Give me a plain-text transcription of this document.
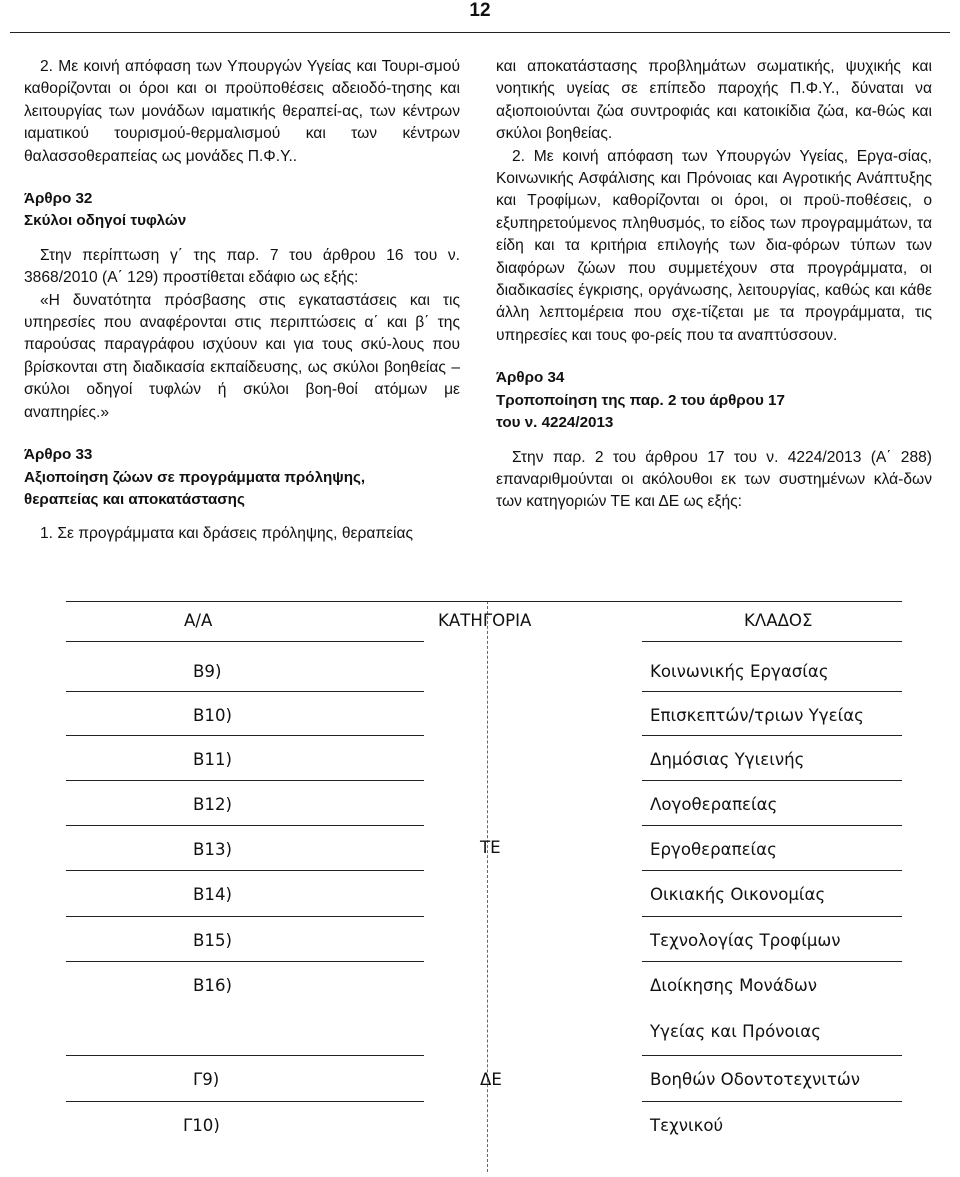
12

2. Με κοινή απόφαση των Υπουργών Υγείας και Τουρι-σμού καθορίζονται οι όροι και οι προϋποθέσεις αδειοδό-τησης και λειτουργίας των μονάδων ιαματικής θεραπεί-ας, των κέντρων ιαματικού τουρισμού-θερμαλισμού και των κέντρων θαλασσοθεραπείας ως μονάδες Π.Φ.Υ..

Άρθρο 32

Σκύλοι οδηγοί τυφλών

Στην περίπτωση γ΄ της παρ. 7 του άρθρου 16 του ν. 3868/2010 (Α΄ 129) προστίθεται εδάφιο ως εξής:

«Η δυνατότητα πρόσβασης στις εγκαταστάσεις και τις υπηρεσίες που αναφέρονται στις περιπτώσεις α΄ και β΄ της παρούσας παραγράφου ισχύουν και για τους σκύ-λους που βρίσκονται στη διαδικασία εκπαίδευσης, ως σκύλοι βοηθείας – σκύλοι οδηγοί τυφλών ή σκύλοι βοη-θοί ατόμων με αναπηρίες.»

Άρθρο 33

Αξιοποίηση ζώων σε προγράμματα πρόληψης,

θεραπείας και αποκατάστασης

1. Σε προγράμματα και δράσεις πρόληψης, θεραπείας

και αποκατάστασης προβλημάτων σωματικής, ψυχικής και νοητικής υγείας σε επίπεδο παροχής Π.Φ.Υ., δύναται να αξιοποιούνται ζώα συντροφιάς και κατοικίδια ζώα, κα-θώς και σκύλοι βοηθείας.

2. Με κοινή απόφαση των Υπουργών Υγείας, Εργα-σίας, Κοινωνικής Ασφάλισης και Πρόνοιας και Αγροτικής Ανάπτυξης και Τροφίμων, καθορίζονται οι όροι, οι προϋ-ποθέσεις, ο εξυπηρετούμενος πληθυσμός, το είδος των προγραμμάτων, τα είδη και τα κριτήρια επιλογής των δια-φόρων τύπων των διαφόρων ζώων που συμμετέχουν στα προγράμματα, οι διαδικασίες έγκρισης, οργάνωσης, λειτουργίας, καθώς και κάθε άλλη λεπτομέρεια που σχε-τίζεται με τα προγράμματα, τις υπηρεσίες και τους φο-ρείς που τα αναπτύσσουν.

Άρθρο 34

Τροποποίηση της παρ. 2 του άρθρου 17

του ν. 4224/2013

Στην παρ. 2 του άρθρου 17 του ν. 4224/2013 (Α΄ 288) επαναριθμούνται οι ακόλουθοι εκ των συστημένων κλά-δων των κατηγοριών ΤΕ και ΔΕ ως εξής:

Α/Α	ΚΑΤΗΓΟΡΙΑ	ΚΛΑΔΟΣ
Β9)
Β10)
Β11)
Β12)
Β13)
Β14)
Β15)
Β16)
Γ9)
Γ10)
Κοινωνικής Εργασίας
Επισκεπτών/τριων Υγείας
Δημόσιας Υγιεινής
Λογοθεραπείας
Εργοθεραπείας
Οικιακής Οικονομίας
Τεχνολογίας Τροφίμων
Διοίκησης Μονάδων
Υγείας και Πρόνοιας
Βοηθών Οδοντοτεχνιτών
Τεχνικού
ΤΕ
ΔΕ
